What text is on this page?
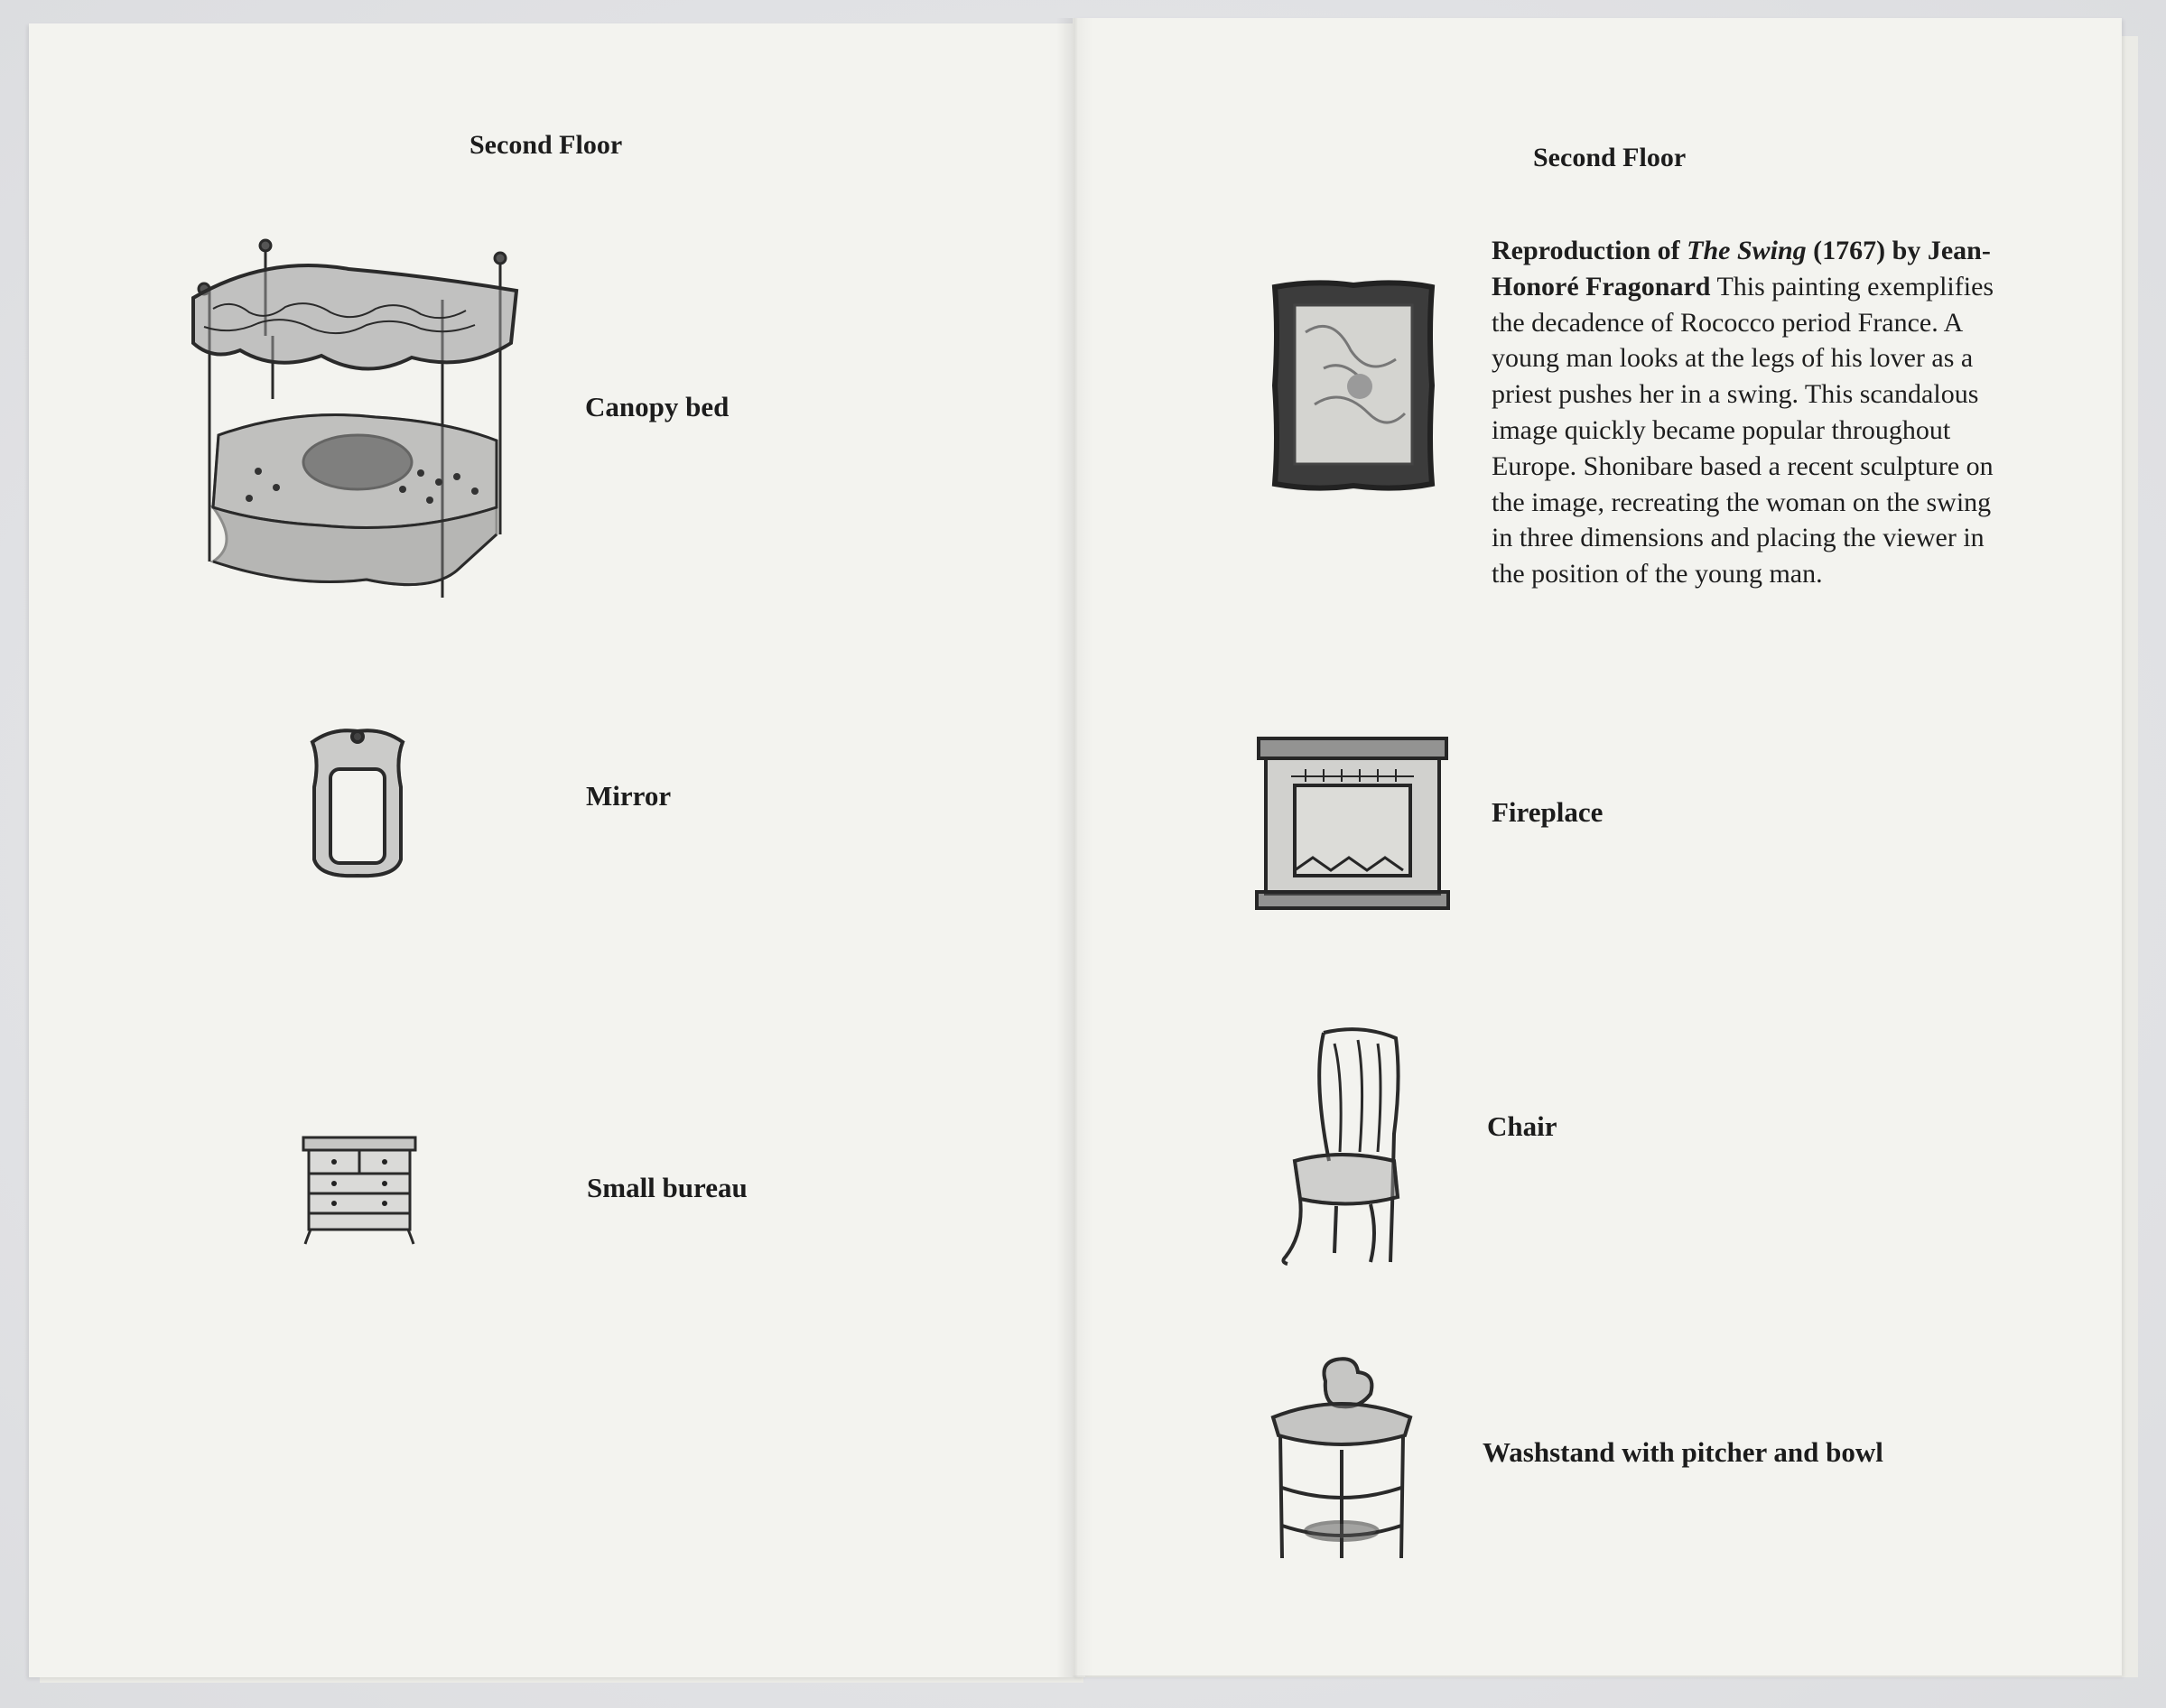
Second Floor
Canopy bed
Mirror
Small bureau
Second Floor
Reproduction of The Swing (1767) by Jean-Honoré Fragonard This painting exemplifies the decadence of Rococco period France. A young man looks at the legs of his lover as a priest pushes her in a swing. This scandalous image quickly became popular throughout Europe. Shonibare based a recent sculpture on the image, recreating the woman on the swing in three dimensions and placing the viewer in the position of the young man.
Fireplace
Chair
Washstand with pitcher and bowl
